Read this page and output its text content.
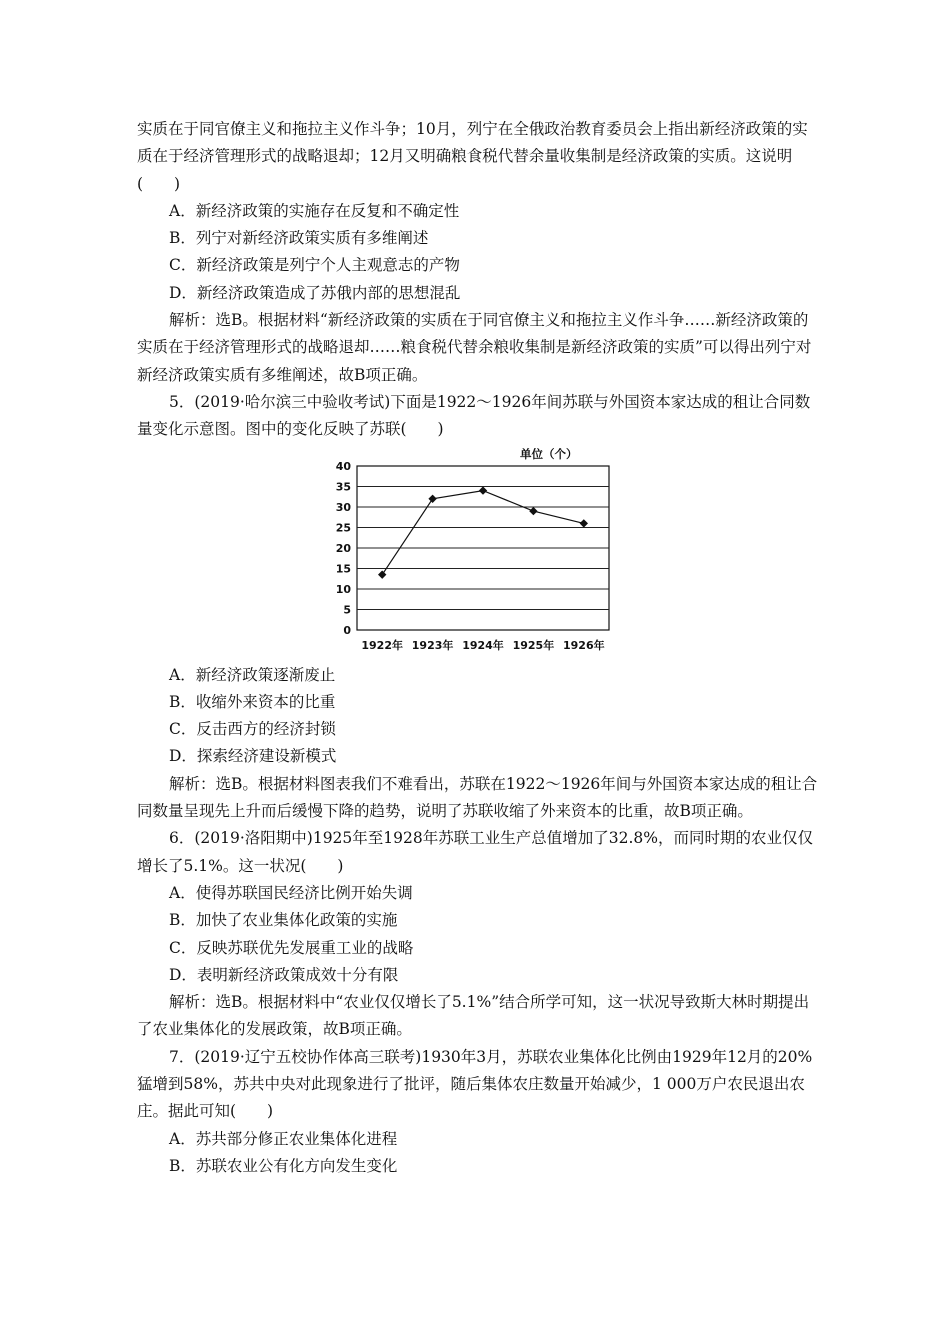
实质在于同官僚主义和拖拉主义作斗争；10月，列宁在全俄政治教育委员会上指出新经济政策的实质在于经济管理形式的战略退却；12月又明确粮食税代替余量收集制是经济政策的实质。这说明(　　)

A．新经济政策的实施存在反复和不确定性

B．列宁对新经济政策实质有多维阐述

C．新经济政策是列宁个人主观意志的产物

D．新经济政策造成了苏俄内部的思想混乱

解析：选B。根据材料“新经济政策的实质在于同官僚主义和拖拉主义作斗争……新经济政策的实质在于经济管理形式的战略退却……粮食税代替余粮收集制是新经济政策的实质”可以得出列宁对新经济政策实质有多维阐述，故B项正确。

5．(2019·哈尔滨三中验收考试)下面是1922～1926年间苏联与外国资本家达成的租让合同数量变化示意图。图中的变化反映了苏联(　　)

单位（个）
0
5
10
15
20
25
30
35
40
1922年 1923年 1924年 1925年 1926年

A．新经济政策逐渐废止

B．收缩外来资本的比重

C．反击西方的经济封锁

D．探索经济建设新模式

解析：选B。根据材料图表我们不难看出，苏联在1922～1926年间与外国资本家达成的租让合同数量呈现先上升而后缓慢下降的趋势，说明了苏联收缩了外来资本的比重，故B项正确。

6．(2019·洛阳期中)1925年至1928年苏联工业生产总值增加了32.8%，而同时期的农业仅仅增长了5.1%。这一状况(　　)

A．使得苏联国民经济比例开始失调

B．加快了农业集体化政策的实施

C．反映苏联优先发展重工业的战略

D．表明新经济政策成效十分有限

解析：选B。根据材料中“农业仅仅增长了5.1%”结合所学可知，这一状况导致斯大林时期提出了农业集体化的发展政策，故B项正确。

7．(2019·辽宁五校协作体高三联考)1930年3月，苏联农业集体化比例由1929年12月的20%猛增到58%，苏共中央对此现象进行了批评，随后集体农庄数量开始减少，1 000万户农民退出农庄。据此可知(　　)

A．苏共部分修正农业集体化进程

B．苏联农业公有化方向发生变化
